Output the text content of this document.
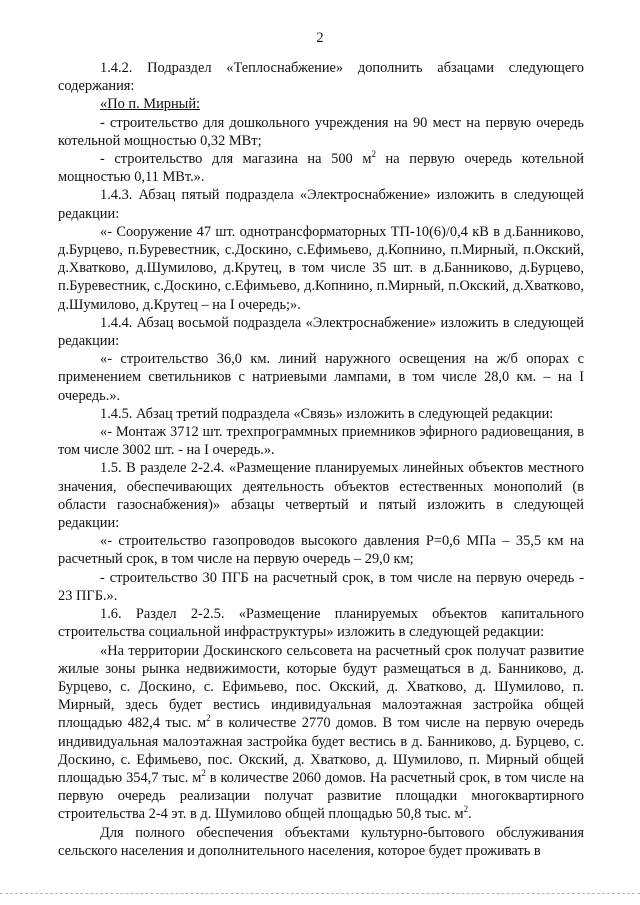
2

1.4.2. Подраздел «Теплоснабжение» дополнить абзацами следующего содержания:

«По п. Мирный:

- строительство для дошкольного учреждения на 90 мест на первую очередь котельной мощностью 0,32 МВт;

- строительство для магазина на 500 $м^2$ на первую очередь котельной мощностью 0,11 МВт.».

1.4.3. Абзац пятый подраздела «Электроснабжение» изложить в следующей редакции:

«- Сооружение 47 шт. однотрансформаторных ТП-10(6)/0,4 кВ в д.Банниково, д.Бурцево, п.Буревестник, с.Доскино, с.Ефимьево, д.Копнино, п.Мирный, п.Окский, д.Хватково, д.Шумилово, д.Крутец, в том числе 35 шт. в д.Банниково, д.Бурцево, п.Буревестник, с.Доскино, с.Ефимьево, д.Копнино, п.Мирный, п.Окский, д.Хватково, д.Шумилово, д.Крутец – на I очередь;».

1.4.4. Абзац восьмой подраздела «Электроснабжение» изложить в следующей редакции:

«- строительство 36,0 км. линий наружного освещения на ж/б опорах с применением светильников с натриевыми лампами, в том числе 28,0 км. – на I очередь.».

1.4.5. Абзац третий подраздела «Связь» изложить в следующей редакции:

«- Монтаж 3712 шт. трехпрограммных приемников эфирного радиовещания, в том числе 3002 шт. - на I очередь.».

1.5. В разделе 2-2.4. «Размещение планируемых линейных объектов местного значения, обеспечивающих деятельность объектов естественных монополий (в области газоснабжения)» абзацы четвертый и пятый изложить в следующей редакции:

«- строительство газопроводов высокого давления Р=0,6 МПа – 35,5 км на расчетный срок, в том числе на первую очередь – 29,0 км;

- строительство 30 ПГБ на расчетный срок, в том числе на первую очередь - 23 ПГБ.».

1.6. Раздел 2-2.5. «Размещение планируемых объектов капитального строительства социальной инфраструктуры» изложить в следующей редакции:

«На территории Доскинского сельсовета на расчетный срок получат развитие жилые зоны рынка недвижимости, которые будут размещаться в д. Банниково, д. Бурцево, с. Доскино, с. Ефимьево, пос. Окский, д. Хватково, д. Шумилово, п. Мирный, здесь будет вестись индивидуальная малоэтажная застройка общей площадью 482,4 тыс. $м^2$ в количестве 2770 домов. В том числе на первую очередь индивидуальная малоэтажная застройка будет вестись в д. Банниково, д. Бурцево, с. Доскино, с. Ефимьево, пос. Окский, д. Хватково, д. Шумилово, п. Мирный общей площадью 354,7 тыс. $м^2$ в количестве 2060 домов. На расчетный срок, в том числе на первую очередь реализации получат развитие площадки многоквартирного строительства 2-4 эт. в д. Шумилово общей площадью 50,8 тыс. $м^2$.

Для полного обеспечения объектами культурно-бытового обслуживания сельского населения и дополнительного населения, которое будет проживать в
